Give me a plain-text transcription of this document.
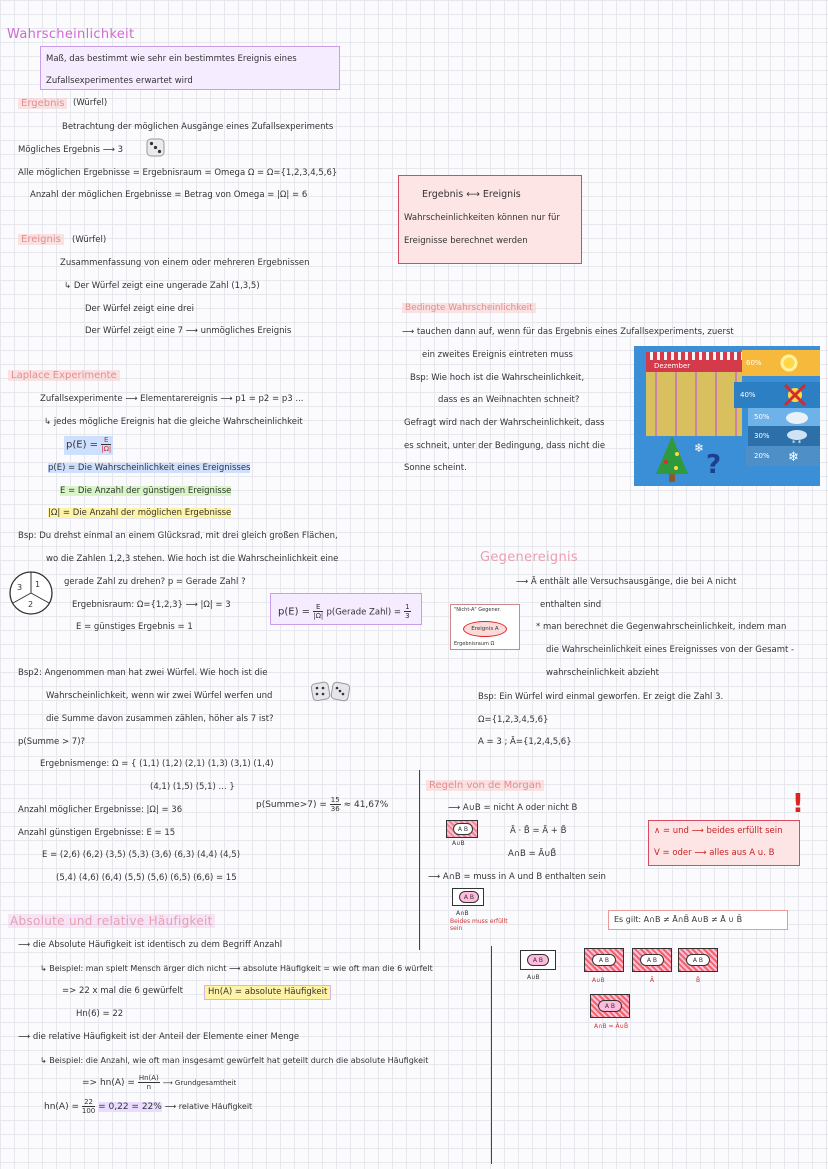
Wahrscheinlichkeit
Maß, das bestimmt wie sehr ein bestimmtes Ereignis eines
Zufallsexperimentes erwartet wird
Ergebnis	(Würfel)
Betrachtung der möglichen Ausgänge eines Zufallsexperiments
Mögliches Ergebnis ⟶ 3
Alle möglichen Ergebnisse = Ergebnisraum = Omega Ω = Ω={1,2,3,4,5,6}
Anzahl der möglichen Ergebnisse = Betrag von Omega = |Ω| = 6	Ergebnis ⟷ Ereignis
Wahrscheinlichkeiten können nur für
Ereignisse berechnet werden
Ereignis	(Würfel)
Zusammenfassung von einem oder mehreren Ergebnissen
↳ Der Würfel zeigt eine ungerade Zahl (1,3,5)
Der Würfel zeigt eine drei
Der Würfel zeigt eine 7 ⟶ unmögliches Ereignis
Bedingte Wahrscheinlichkeit
⟶ tauchen dann auf, wenn für das Ergebnis eines Zufallsexperiments, zuerst
ein zweites Ereignis eintreten muss
Bsp: Wie hoch ist die Wahrscheinlichkeit,
dass es an Weihnachten schneit?
Gefragt wird nach der Wahrscheinlichkeit, dass
es schneit, unter der Bedingung, dass nicht die
Sonne scheint.
Dezember	60%
40%
50%
30%
20%
* *
❄
?
❄
Laplace Experimente
Zufallsexperimente ⟶ Elementarereignis ⟶ p1 = p2 = p3 ...
↳ jedes mögliche Ereignis hat die gleiche Wahrscheinlichkeit
$p(E) = \frac{E}{|\Omega|}$
p(E) = Die Wahrscheinlichkeit eines Ereignisses
E = Die Anzahl der günstigen Ereignisse
|Ω| = Die Anzahl der möglichen Ergebnisse
Bsp: Du drehst einmal an einem Glücksrad, mit drei gleich großen Flächen,
wo die Zahlen 1,2,3 stehen. Wie hoch ist die Wahrscheinlichkeit eine
1
2
3
gerade Zahl zu drehen? p = Gerade Zahl ?
Ergebnisraum: Ω={1,2,3} ⟶ |Ω| = 3
E = günstiges Ergebnis = 1
$p(E) = \frac{E}{|\Omega|}$ p(Gerade Zahl) = $\frac{1}{3}$
Gegenereignis
⟶ Ā enthält alle Versuchsausgänge, die bei A nicht
enthalten sind
* man berechnet die Gegenwahrscheinlichkeit, indem man
die Wahrscheinlichkeit eines Ereignisses von der Gesamt -
wahrscheinlichkeit abzieht
"Nicht-A" Gegener.
Ereignis A
Ergebnisraum Ω
Bsp: Ein Würfel wird einmal geworfen. Er zeigt die Zahl 3.
Ω={1,2,3,4,5,6}
A = 3 ; Ā={1,2,4,5,6}
Bsp2: Angenommen man hat zwei Würfel. Wie hoch ist die
Wahrscheinlichkeit, wenn wir zwei Würfel werfen und
die Summe davon zusammen zählen, höher als 7 ist?
p(Summe > 7)?
Ergebnismenge: Ω = { (1,1) (1,2) (2,1) (1,3) (3,1) (1,4)
(4,1) (1,5) (5,1) ... }
Anzahl möglicher Ergebnisse: |Ω| = 36	p(Summe>7) = $\frac{15}{36} \approx 41,67\%$
Anzahl günstigen Ergebnisse: E = 15
E = (2,6) (6,2) (3,5) (5,3) (3,6) (6,3) (4,4) (4,5)
(5,4) (4,6) (6,4) (5,5) (5,6) (6,5) (6,6) = 15
Regeln von de Morgan
⟶ A∪B = nicht A oder nicht B
A B
A∪B
Ā · B̄ = Ā + B̄
A∩B = Ā∪B̄
⟶ A∩B = muss in A und B enthalten sein
A B
A∩B
Beides muss erfüllt sein
∧ = und ⟶ beides erfüllt sein
V = oder ⟶ alles aus A u. B
!
Es gilt: A∩B ≠ Ā∩B̄ A∪B ≠ Ā ∪ B̄
A B
A∪B
A B
A∪B
A B
Ā
A B
B̄
A B
A∩B = Ā∪B̄
Absolute und relative Häufigkeit
⟶ die Absolute Häufigkeit ist identisch zu dem Begriff Anzahl
↳ Beispiel: man spielt Mensch ärger dich nicht ⟶ absolute Häufigkeit = wie oft man die 6 würfelt
=> 22 x mal die 6 gewürfelt	Hn(A) = absolute Häufigkeit
Hn(6) = 22
⟶ die relative Häufigkeit ist der Anteil der Elemente einer Menge
↳ Beispiel: die Anzahl, wie oft man insgesamt gewürfelt hat geteilt durch die absolute Häufigkeit
=> $hn(A) = \frac{Hn(A)}{n}$ ⟶ Grundgesamtheit
$hn(A) = \frac{22}{100} = 0,22 = 22\%$ ⟶ relative Häufigkeit
